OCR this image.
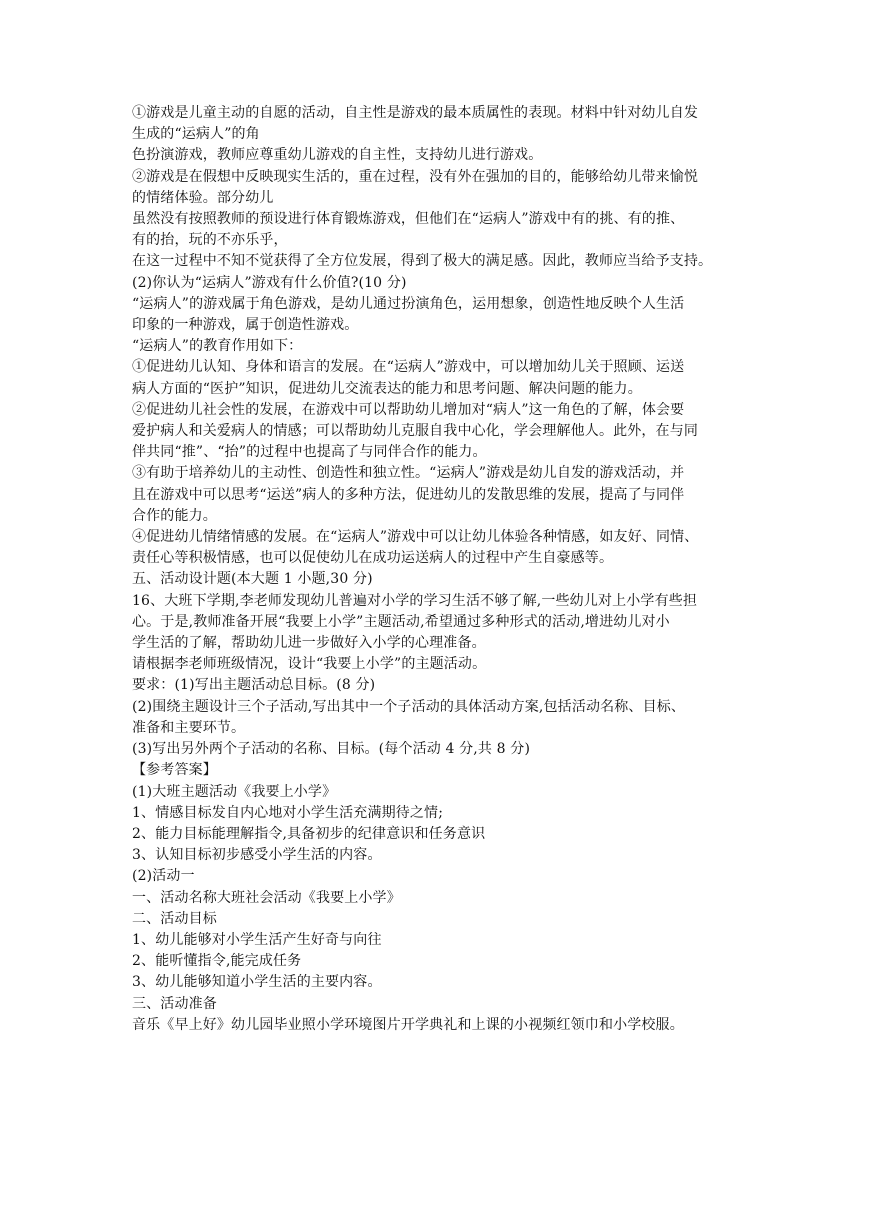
①游戏是儿童主动的自愿的活动，自主性是游戏的最本质属性的表现。材料中针对幼儿自发
生成的“运病人”的角
色扮演游戏，教师应尊重幼儿游戏的自主性，支持幼儿进行游戏。
②游戏是在假想中反映现实生活的，重在过程，没有外在强加的目的，能够给幼儿带来愉悦
的情绪体验。部分幼儿
虽然没有按照教师的预设进行体育锻炼游戏，但他们在“运病人”游戏中有的挑、有的推、
有的抬，玩的不亦乐乎，
在这一过程中不知不觉获得了全方位发展，得到了极大的满足感。因此，教师应当给予支持。
(2)你认为“运病人”游戏有什么价值?(10 分)
“运病人”的游戏属于角色游戏，是幼儿通过扮演角色，运用想象，创造性地反映个人生活
印象的一种游戏，属于创造性游戏。
“运病人”的教育作用如下：
①促进幼儿认知、身体和语言的发展。在“运病人”游戏中，可以增加幼儿关于照顾、运送
病人方面的“医护”知识，促进幼儿交流表达的能力和思考问题、解决问题的能力。
②促进幼儿社会性的发展，在游戏中可以帮助幼儿增加对“病人”这一角色的了解，体会要
爱护病人和关爱病人的情感；可以帮助幼儿克服自我中心化，学会理解他人。此外，在与同
伴共同“推”、“抬”的过程中也提高了与同伴合作的能力。
③有助于培养幼儿的主动性、创造性和独立性。“运病人”游戏是幼儿自发的游戏活动，并
且在游戏中可以思考“运送”病人的多种方法，促进幼儿的发散思维的发展，提高了与同伴
合作的能力。
④促进幼儿情绪情感的发展。在“运病人”游戏中可以让幼儿体验各种情感，如友好、同情、
责任心等积极情感，也可以促使幼儿在成功运送病人的过程中产生自豪感等。
五、活动设计题(本大题 1 小题,30 分)
16、大班下学期,李老师发现幼儿普遍对小学的学习生活不够了解,一些幼儿对上小学有些担
心。于是,教师准备开展“我要上小学”主题活动,希望通过多种形式的活动,增进幼儿对小
学生活的了解，帮助幼儿进一步做好入小学的心理准备。
请根据李老师班级情况，设计“我要上小学”的主题活动。
要求：(1)写出主题活动总目标。(8 分)
(2)围绕主题设计三个子活动,写出其中一个子活动的具体活动方案,包括活动名称、目标、
准备和主要环节。
(3)写出另外两个子活动的名称、目标。(每个活动 4 分,共 8 分)
【参考答案】
(1)大班主题活动《我要上小学》
1、情感目标发自内心地对小学生活充满期待之情;
2、能力目标能理解指令,具备初步的纪律意识和任务意识
3、认知目标初步感受小学生活的内容。
(2)活动一
一、活动名称大班社会活动《我要上小学》
二、活动目标
1、幼儿能够对小学生活产生好奇与向往
2、能听懂指令,能完成任务
3、幼儿能够知道小学生活的主要内容。
三、活动准备
音乐《早上好》幼儿园毕业照小学环境图片开学典礼和上课的小视频红领巾和小学校服。
